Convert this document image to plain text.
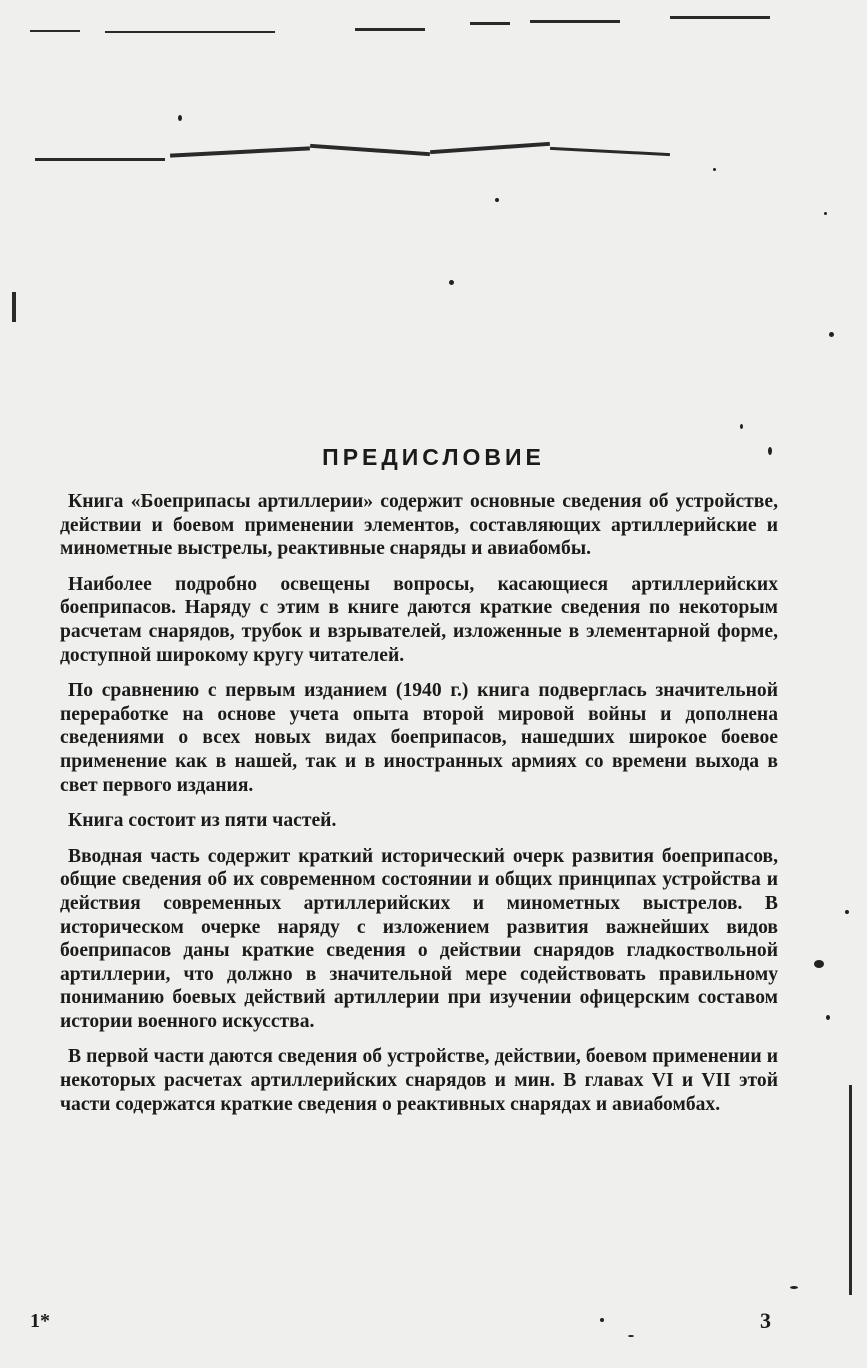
ПРЕДИСЛОВИЕ

Книга «Боеприпасы артиллерии» содержит основные сведения об устройстве, действии и боевом применении элементов, составляющих артиллерийские и минометные выстрелы, реактивные снаряды и авиабомбы.

Наиболее подробно освещены вопросы, касающиеся артиллерийских боеприпасов. Наряду с этим в книге даются краткие сведения по некоторым расчетам снарядов, трубок и взрывателей, изложенные в элементарной форме, доступной широкому кругу читателей.

По сравнению с первым изданием (1940 г.) книга подверглась значительной переработке на основе учета опыта второй мировой войны и дополнена сведениями о всех новых видах боеприпасов, нашедших широкое боевое применение как в нашей, так и в иностранных армиях со времени выхода в свет первого издания.

Книга состоит из пяти частей.

Вводная часть содержит краткий исторический очерк развития боеприпасов, общие сведения об их современном состоянии и общих принципах устройства и действия современных артиллерийских и минометных выстрелов. В историческом очерке наряду с изложением развития важнейших видов боеприпасов даны краткие сведения о действии снарядов гладкоствольной артиллерии, что должно в значительной мере содействовать правильному пониманию боевых действий артиллерии при изучении офицерским составом истории военного искусства.

В первой части даются сведения об устройстве, действии, боевом применении и некоторых расчетах артиллерийских снарядов и мин. В главах VI и VII этой части содержатся краткие сведения о реактивных снарядах и авиабомбах.

1*	3
